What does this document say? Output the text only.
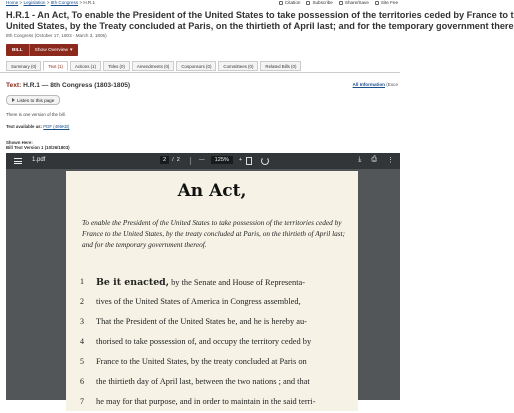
Home > Legislation > 8th Congress > H.R.1	Citation	Subscribe	Share/Save	Site Fee
H.R.1 - An Act, To enable the President of the United States to take possession of the territories ceded by France to t
United States, by the Treaty concluded at Paris, on the thirtieth of April last; and for the temporary government there
8th Congress (October 17, 1803 - March 3, 1805)
BILL	Show Overview ▾
Summary (0)	Text (1)	Actions (1)	Titles (0)	Amendments (0)	Cosponsors (0)	Committees (0)	Related Bills (0)
Text: H.R.1 — 8th Congress (1803-1805)	All Information (Exce
Listen to this page
There is one version of the bill.
Text available as: PDF (495KB)
Shown Here:
Bill Text Version 1 (10/26/1803)
1.pdf	2	/ 2	—	125%	+	⤓ ⎙ ⋮
An Act,
To enable the President of the United States to take possession of the territories ceded by France to the United States, by the treaty concluded at Paris, on the thirtieth of April last; and for the temporary government thereof.
1 Be it enacted, by the Senate and House of Representa-
2 tives of the United States of America in Congress assembled,
3 That the President of the United States be, and he is hereby au-
4 thorised to take possession of, and occupy the territory ceded by
5 France to the United States, by the treaty concluded at Paris on
6 the thirtieth day of April last, between the two nations ; and that
7 he may for that purpose, and in order to maintain in the said terri-
